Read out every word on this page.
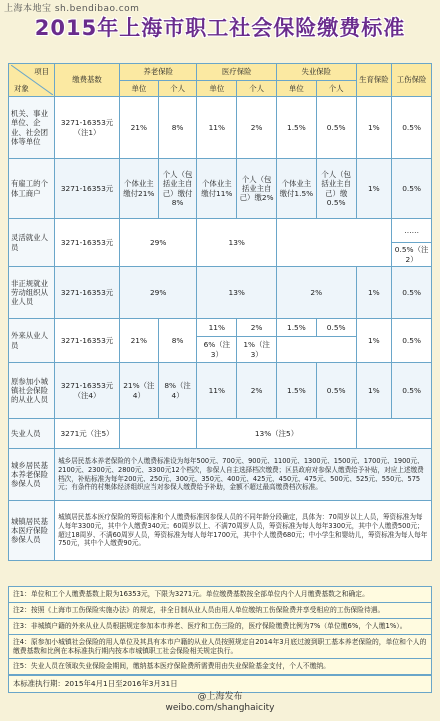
上海本地宝 sh.bendibao.com
2015年上海市职工社会保险缴费标准
项目
对象	缴费基数	养老保险		医疗保险		失业保险		生育保险	工伤保险
		单位	个人	单位	个人	单位	个人		
机关、事业单位、企业、社会团体等单位	3271-16353元（注1）	21%	8%	11%	2%	1.5%	0.5%	1%	0.5%
有雇工的个体工商户	3271-16353元	个体业主缴付21%	个人（包括业主自己）缴付8%	个体业主缴付11%	个人（包括业主自己）缴2%	个体业主缴付1.5%	个人（包括业主自己）缴0.5%	1%	0.5%
灵活就业人员	3271-16353元	29%		13%					……
									0.5%（注2）
非正规就业劳动组织从业人员	3271-16353元	29%		13%		2%		1%	0.5%
外来从业人员	3271-16353元	21%	8%	11%	2%	1.5%	0.5%	1%	0.5%
				6%（注3）	1%（注3）				
原参加小城镇社会保险的从业人员	3271-16353元（注4）	21%（注4）	8%（注4）	11%	2%	1.5%	0.5%	1%	0.5%
失业人员	3271元（注5）			13%（注5）					
城乡居民基本养老保险参保人员	城乡居民基本养老保险的个人缴费标准设为每年500元、700元、900元、1100元、1300元、1500元、1700元、1900元、2100元、2300元、2800元、3300元12个档次，参保人自主选择档次缴费；区县政府对参保人缴费给予补贴，对应上述缴费档次，补贴标准为每年200元、250元、300元、350元、400元、425元、450元、475元、500元、525元、550元、575元；有条件的村集体经济组织应当对参保人缴费给予补助，金额不超过最高缴费档次标准。								
城镇居民基本医疗保险参保人员	城镇居民基本医疗保险的筹资标准和个人缴费标准因参保人员的不同年龄分段确定，具体为：70周岁以上人员，筹资标准为每人每年3300元，其中个人缴费340元；60周岁以上、不满70周岁人员，筹资标准为每人每年3300元，其中个人缴费500元；超过18周岁、不满60周岁人员，筹资标准为每人每年1700元，其中个人缴费680元；中小学生和婴幼儿，筹资标准为每人每年750元，其中个人缴费90元。								
注1：单位和工个人缴费基数上限为16353元，下限为3271元。单位缴费基数按全部单位内个人月缴费基数之和确定。
注2：按照《上海市工伤保险实施办法》的规定，非全日制从业人员由用人单位缴纳工伤保险费并享受相应的工伤保险待遇。
注3：非城镇户籍的外来从业人员根据规定参加本市养老、医疗和工伤三险的，医疗保险缴费比例为7%（单位缴6%，个人缴1%）。
注4：原参加小城镇社会保险的用人单位及其具有本市户籍的从业人员按照规定自2014年3月底过渡到职工基本养老保险的，单位和个人的缴费基数和比例在本标准执行期内按本市城镇职工社会保险相关规定执行。
注5：失业人员在领取失业保险金期间，缴纳基本医疗保险费所需费用由失业保险基金支付，个人不缴纳。
本标准执行期：2015年4月1日至2016年3月31日
@上海发布
weibo.com/shanghaicity
